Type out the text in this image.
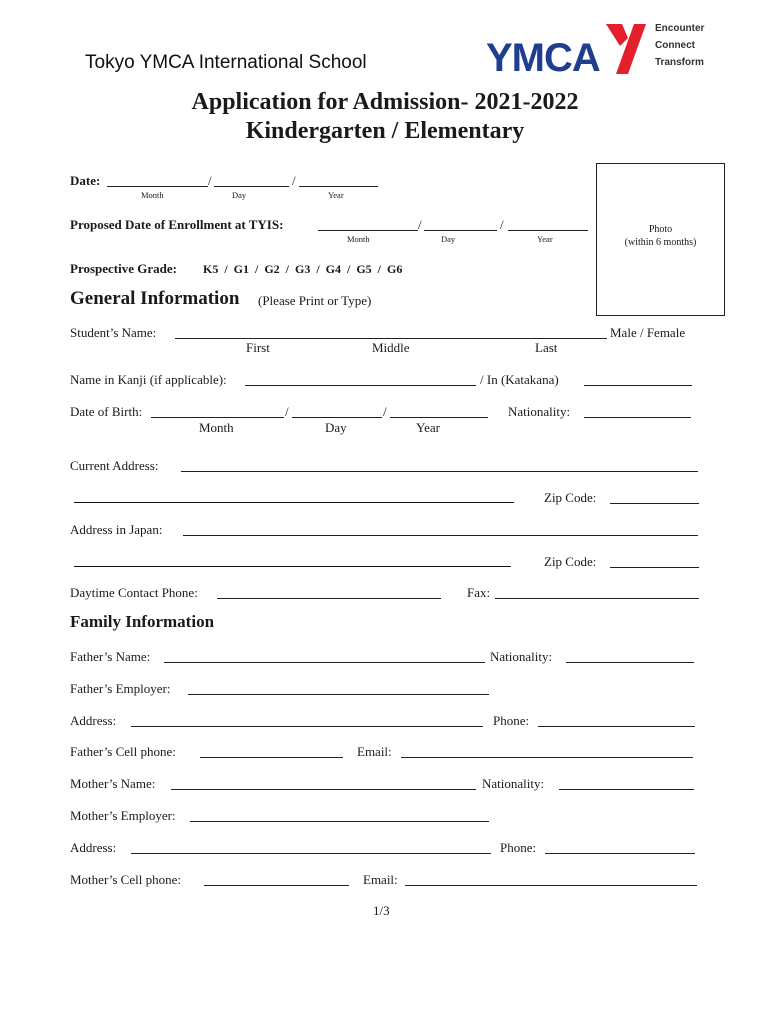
Tokyo YMCA International School	YMCA
Encounter
Connect
Transform
Application for Admission- 2021-2022
Kindergarten / Elementary
Date:	/	/
Month	Day	Year
Proposed Date of Enrollment at TYIS:	/	/
Month	Day	Year
Photo
(within 6 months)
Prospective Grade: K5  /  G1  /  G2  /  G3  /  G4  /  G5  /  G6
General Information (Please Print or Type)
Student’s Name:	Male / Female
First	Middle	Last
Name in Kanji (if applicable):	/ In (Katakana)
Date of Birth:	/	/
Month	Day	Year
Nationality:
Current Address:
Zip Code:
Address in Japan:
Zip Code:
Daytime Contact Phone:	Fax:
Family Information
Father’s Name:	Nationality:
Father’s Employer:
Address:	Phone:
Father’s Cell phone:	Email:
Mother’s Name:	Nationality:
Mother’s Employer:
Address:	Phone:
Mother’s Cell phone:	Email:
1/3
